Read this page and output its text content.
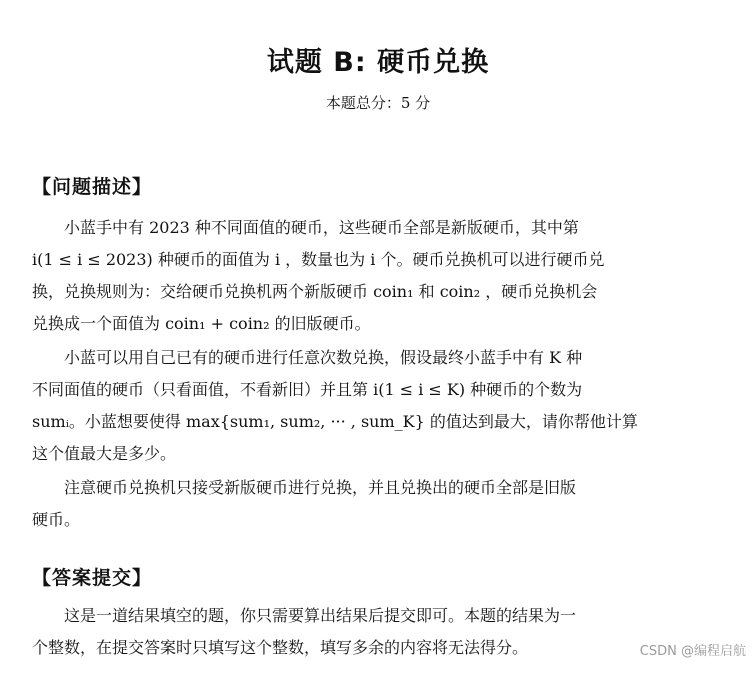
试题 B: 硬币兑换
本题总分：5 分
【问题描述】
小蓝手中有 2023 种不同面值的硬币，这些硬币全部是新版硬币，其中第
i(1 ≤ i ≤ 2023) 种硬币的面值为 i ，数量也为 i 个。硬币兑换机可以进行硬币兑
换，兑换规则为：交给硬币兑换机两个新版硬币 coin₁ 和 coin₂ ，硬币兑换机会
兑换成一个面值为 coin₁ + coin₂ 的旧版硬币。
小蓝可以用自己已有的硬币进行任意次数兑换，假设最终小蓝手中有 K 种
不同面值的硬币（只看面值，不看新旧）并且第 i(1 ≤ i ≤ K) 种硬币的个数为
sumᵢ。小蓝想要使得 max{sum₁, sum₂, ··· , sum_K} 的值达到最大，请你帮他计算
这个值最大是多少。
注意硬币兑换机只接受新版硬币进行兑换，并且兑换出的硬币全部是旧版
硬币。
【答案提交】
这是一道结果填空的题，你只需要算出结果后提交即可。本题的结果为一
个整数，在提交答案时只填写这个整数，填写多余的内容将无法得分。	CSDN @编程启航
